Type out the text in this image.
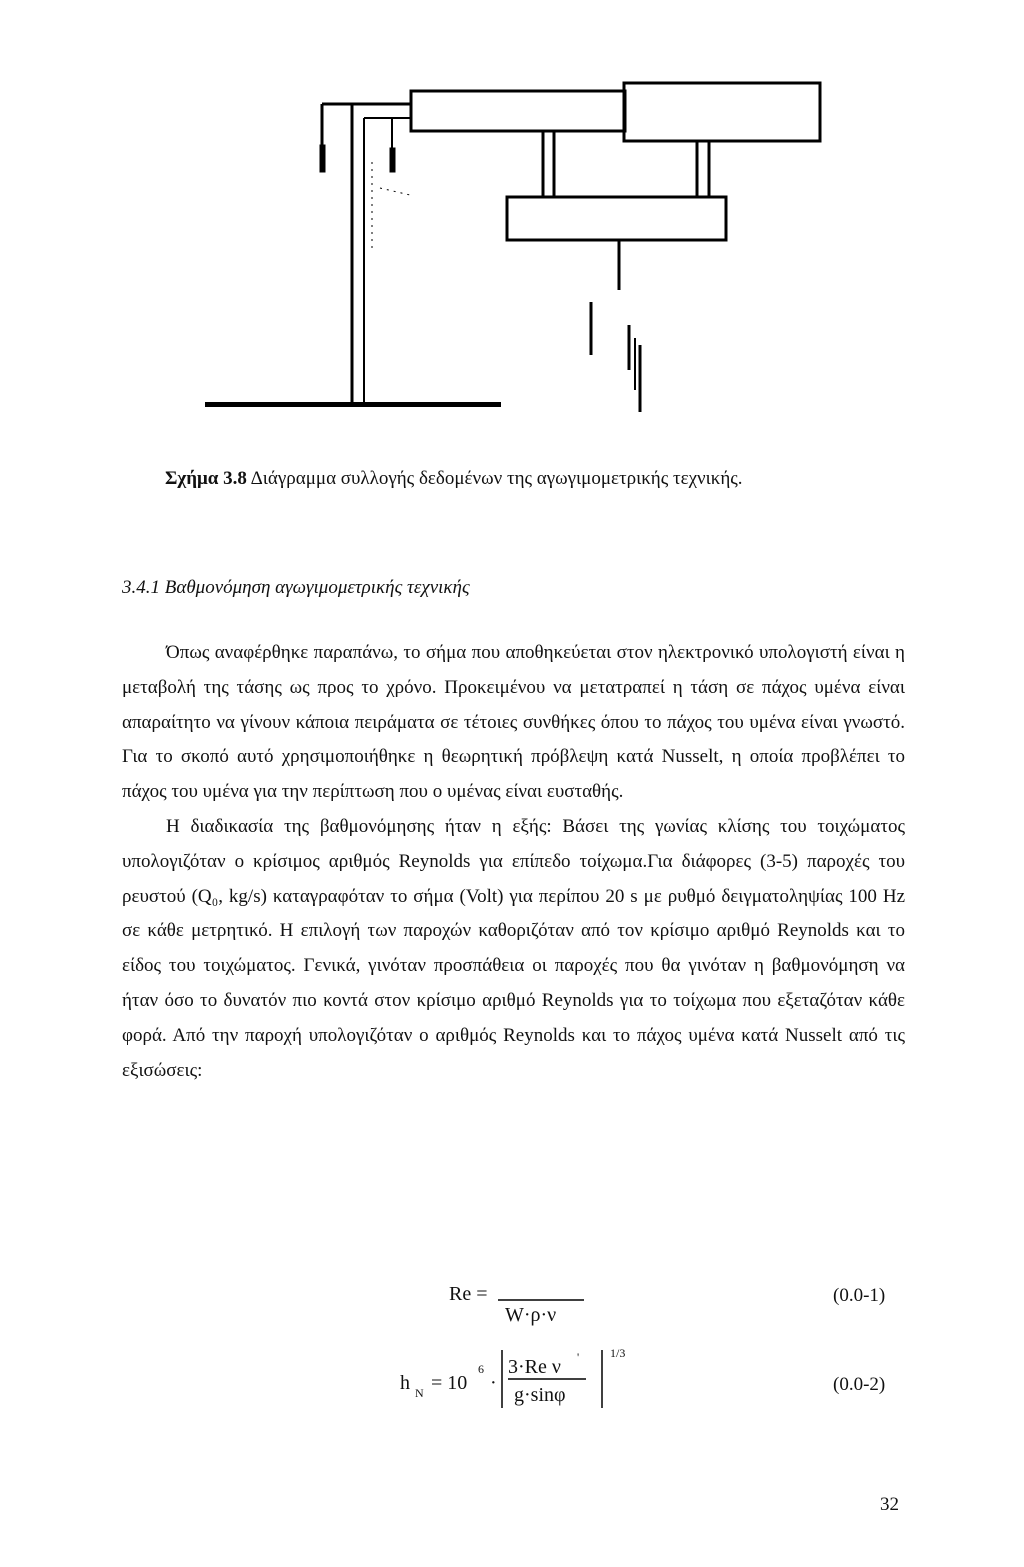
Σχήμα 3.8 Διάγραμμα συλλογής δεδομένων της αγωγιμομετρικής τεχνικής.
3.4.1 Βαθμονόμηση αγωγιμομετρικής τεχνικής

Όπως αναφέρθηκε παραπάνω, το σήμα που αποθηκεύεται στον ηλεκτρονικό υπολογιστή είναι η μεταβολή της τάσης ως προς το χρόνο. Προκειμένου να μετατραπεί η τάση σε πάχος υμένα είναι απαραίτητο να γίνουν κάποια πειράματα σε τέτοιες συνθήκες όπου το πάχος του υμένα είναι γνωστό. Για το σκοπό αυτό χρησιμοποιήθηκε η θεωρητική πρόβλεψη κατά Nusselt, η οποία προβλέπει το πάχος του υμένα για την περίπτωση που ο υμένας είναι ευσταθής.

Η διαδικασία της βαθμονόμησης ήταν η εξής: Βάσει της γωνίας κλίσης του τοιχώματος υπολογιζόταν ο κρίσιμος αριθμός Reynolds για επίπεδο τοίχωμα.Για διάφορες (3-5) παροχές του ρευστού (Q₀, kg/s) καταγραφόταν το σήμα (Volt) για περίπου 20 s με ρυθμό δειγματοληψίας 100 Hz σε κάθε μετρητικό. Η επιλογή των παροχών καθοριζόταν από τον κρίσιμο αριθμό Reynolds και το είδος του τοιχώματος. Γενικά, γινόταν προσπάθεια οι παροχές που θα γινόταν η βαθμονόμηση να ήταν όσο το δυνατόν πιο κοντά στον κρίσιμο αριθμό Reynolds για το τοίχωμα που εξεταζόταν κάθε φορά. Από την παροχή υπολογιζόταν ο αριθμός Reynolds και το πάχος υμένα κατά Nusselt από τις εξισώσεις:

Re =
W·ρ·ν
(0.0-1)
h N = 10
6
·
3·Re ν '
g·sinφ
1/3
(0.0-2)
32
